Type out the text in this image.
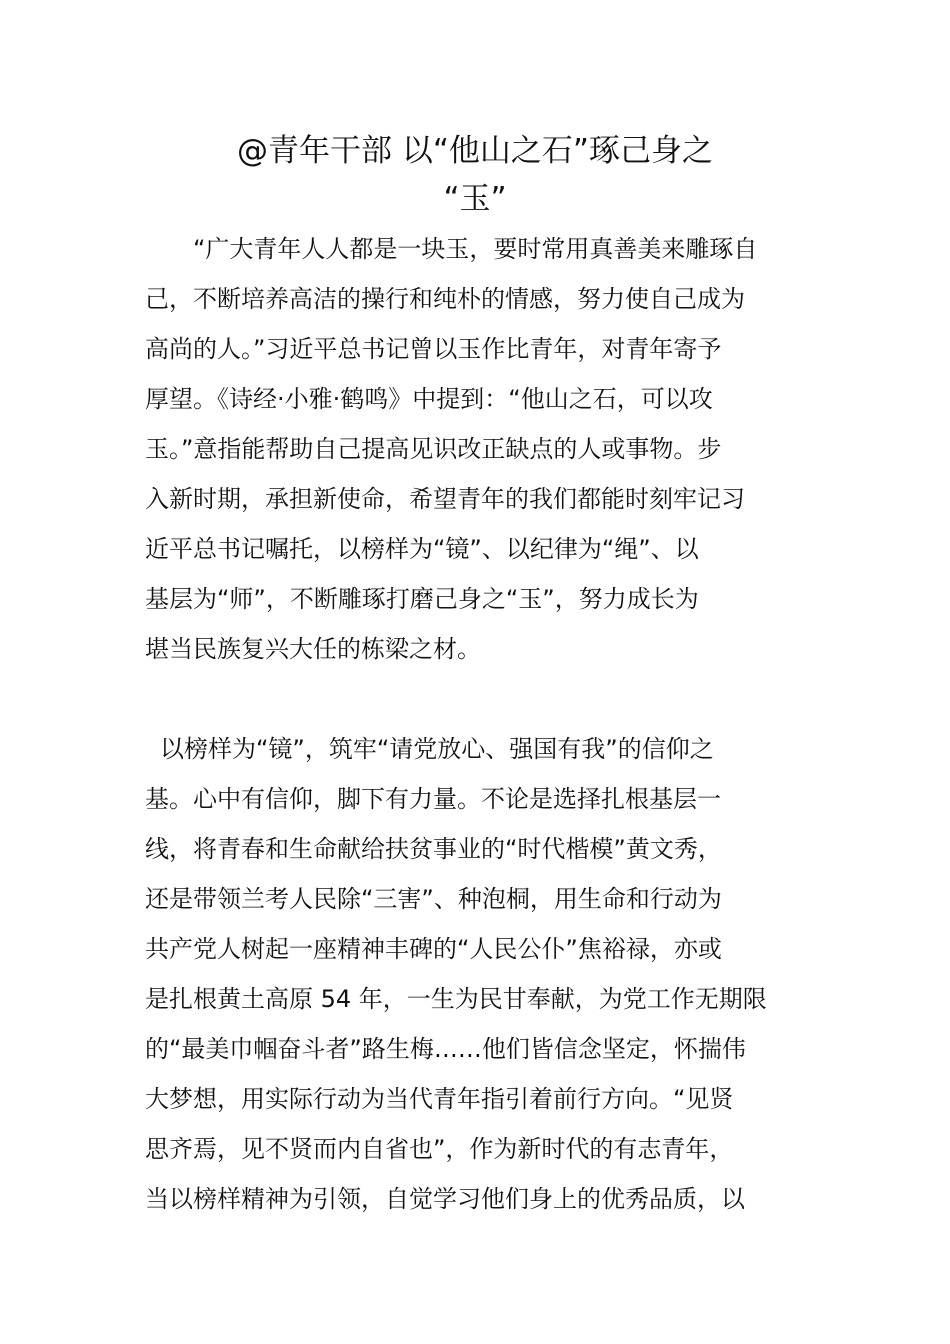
@青年干部 以“他山之石”琢己身之
“玉”
“广大青年人人都是一块玉，要时常用真善美来雕琢自
己，不断培养高洁的操行和纯朴的情感，努力使自己成为
高尚的人。”习近平总书记曾以玉作比青年，对青年寄予
厚望。《诗经·小雅·鹤鸣》中提到：“他山之石，可以攻
玉。”意指能帮助自己提高见识改正缺点的人或事物。步
入新时期，承担新使命，希望青年的我们都能时刻牢记习
近平总书记嘱托，以榜样为“镜”、以纪律为“绳”、以
基层为“师”，不断雕琢打磨己身之“玉”，努力成长为
堪当民族复兴大任的栋梁之材。
以榜样为“镜”，筑牢“请党放心、强国有我”的信仰之
基。心中有信仰，脚下有力量。不论是选择扎根基层一
线，将青春和生命献给扶贫事业的“时代楷模”黄文秀，
还是带领兰考人民除“三害”、种泡桐，用生命和行动为
共产党人树起一座精神丰碑的“人民公仆”焦裕禄，亦或
是扎根黄土高原 54 年，一生为民甘奉献，为党工作无期限
的“最美巾帼奋斗者”路生梅……他们皆信念坚定，怀揣伟
大梦想，用实际行动为当代青年指引着前行方向。“见贤
思齐焉，见不贤而内自省也”，作为新时代的有志青年，
当以榜样精神为引领，自觉学习他们身上的优秀品质，以
